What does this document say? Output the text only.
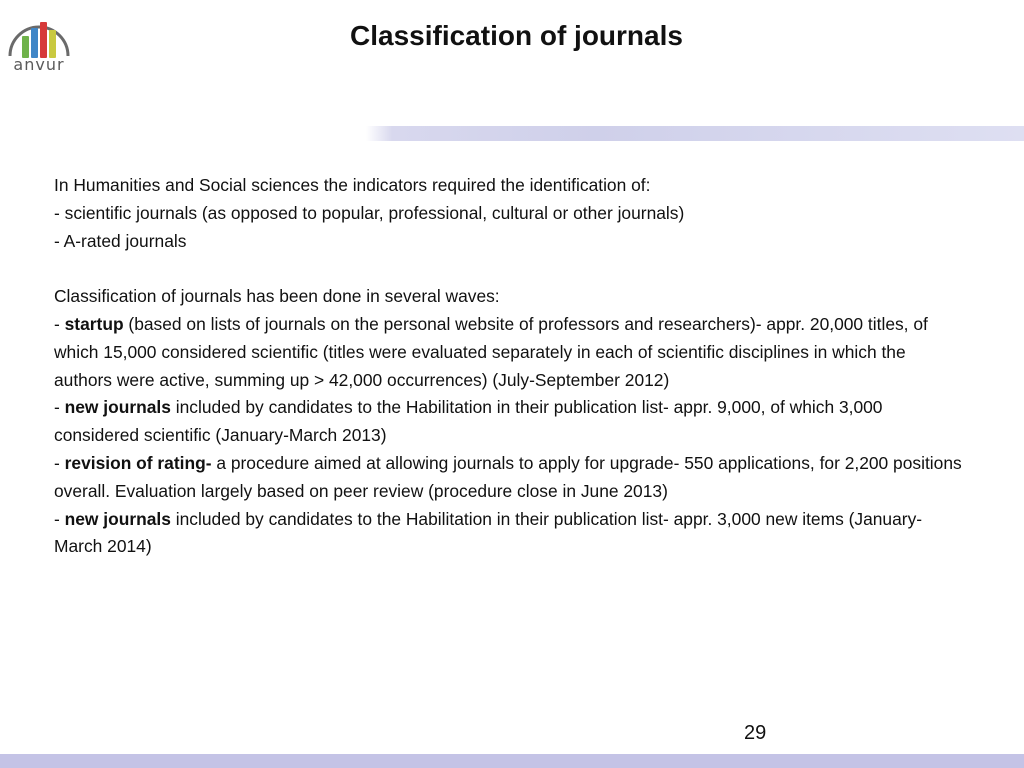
anvur
Classification of journals

In Humanities and Social sciences the indicators required the identification of:

- scientific journals (as opposed to popular, professional, cultural or other journals)

- A-rated journals

Classification of journals has been done in several waves:

- startup (based on lists of journals on the personal website of professors and researchers)- appr. 20,000 titles, of which 15,000 considered scientific (titles were evaluated separately in each of scientific disciplines in which the authors were active, summing up > 42,000 occurrences) (July-September 2012)

- new journals included by candidates to the Habilitation in their publication list- appr. 9,000, of which 3,000 considered scientific (January-March 2013)

- revision of rating- a procedure aimed at allowing journals to apply for upgrade- 550 applications, for 2,200 positions overall. Evaluation largely based on peer review (procedure close in June 2013)

- new journals included by candidates to the Habilitation in their publication list- appr. 3,000 new items (January-March 2014)

29
